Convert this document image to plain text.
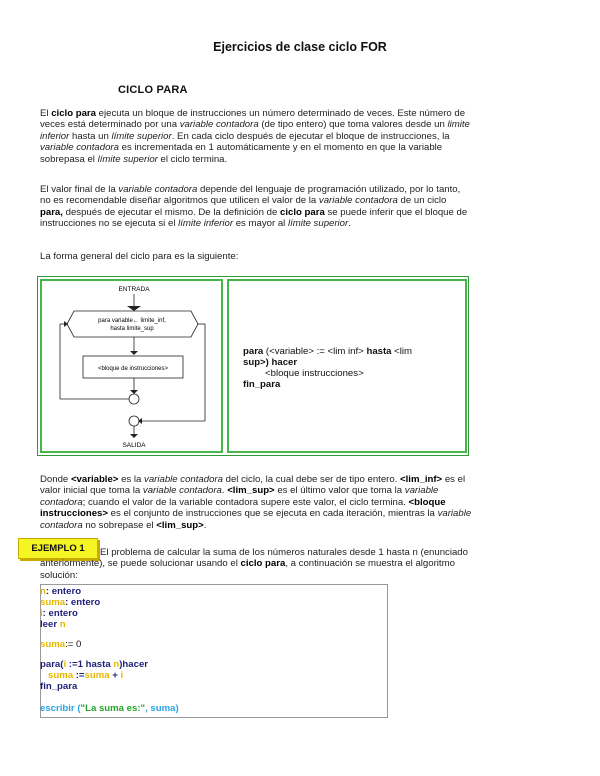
Ejercicios de clase ciclo FOR
CICLO PARA
El ciclo para ejecuta un bloque de instrucciones un número determinado de veces. Este número de veces está determinado por una variable contadora (de tipo entero) que toma valores desde un limite inferior hasta un límite superior. En cada ciclo después de ejecutar el bloque de instrucciones, la variable contadora es incrementada en 1 automáticamente y en el momento en que la variable sobrepasa el límite superior el ciclo termina.
El valor final de la variable contadora depende del lenguaje de programación utilizado, por lo tanto, no es recomendable diseñar algoritmos que utilicen el valor de la variable contadora de un ciclo para, después de ejecutar el mismo. De la definición de ciclo para se puede inferir que el bloque de instrucciones no se ejecuta si el límite inferior es mayor al límite superior.
La forma general del ciclo para es la siguiente:
ENTRADA
para variable← limite_inf,
hasta limite_sup
<bloque de instrucciones>
SALIDA
para (<variable> := <lim inf> hasta <lim
sup>) hacer
<bloque instrucciones>
fin_para
Donde <variable> es la variable contadora del ciclo, la cual debe ser de tipo entero. <lim_inf> es el valor inicial que toma la variable contadora. <lim_sup> es el último valor que toma la variable contadora; cuando el valor de la variable contadora supere este valor, el ciclo termina. <bloque instrucciones> es el conjunto de instrucciones que se ejecuta en cada iteración, mientras la variable contadora no sobrepase el <lim_sup>.
EJEMPLO 1	El problema de calcular la suma de los números naturales desde 1 hasta n (enunciado anteriormente), se puede solucionar usando el ciclo para, a continuación se muestra el algoritmo solución:
n: entero
suma: entero
i: entero
leer n
suma:= 0
para(i :=1 hasta n)hacer
suma :=suma + i
fin_para
escribir ("La suma es:", suma)
